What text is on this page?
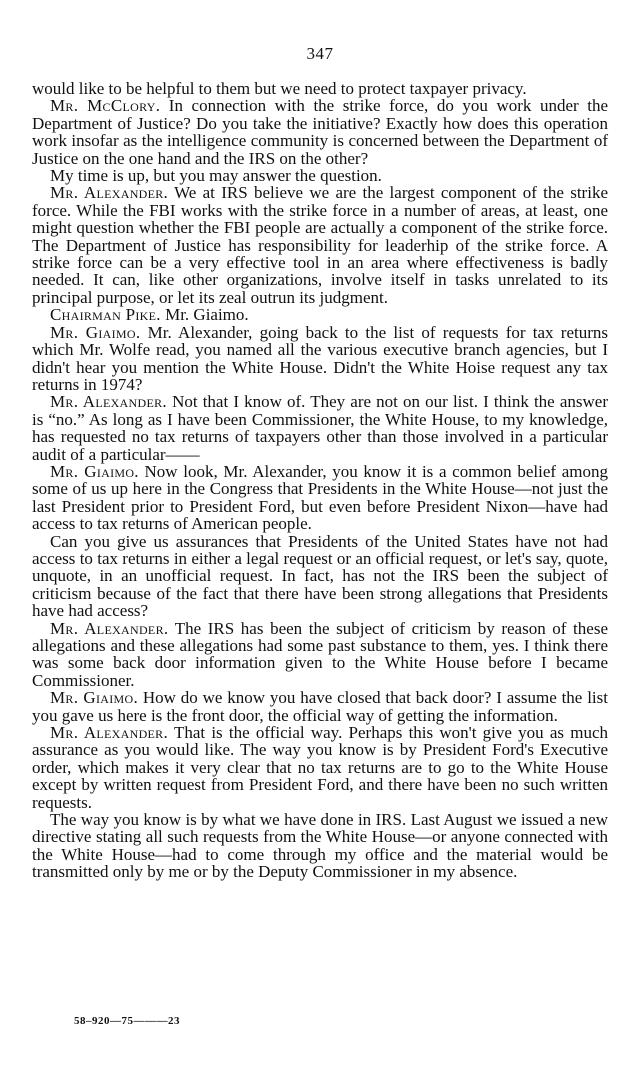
347

would like to be helpful to them but we need to protect taxpayer privacy.

Mr. McClory. In connection with the strike force, do you work under the Department of Justice? Do you take the initiative? Exactly how does this operation work insofar as the intelligence community is concerned between the Department of Justice on the one hand and the IRS on the other?

My time is up, but you may answer the question.

Mr. Alexander. We at IRS believe we are the largest component of the strike force. While the FBI works with the strike force in a number of areas, at least, one might question whether the FBI people are actually a component of the strike force. The Department of Justice has responsibility for leaderhip of the strike force. A strike force can be a very effective tool in an area where effectiveness is badly needed. It can, like other organizations, involve itself in tasks unrelated to its principal purpose, or let its zeal outrun its judgment.

Chairman Pike. Mr. Giaimo.

Mr. Giaimo. Mr. Alexander, going back to the list of requests for tax returns which Mr. Wolfe read, you named all the various executive branch agencies, but I didn't hear you mention the White House. Didn't the White Hoise request any tax returns in 1974?

Mr. Alexander. Not that I know of. They are not on our list. I think the answer is “no.” As long as I have been Commissioner, the White House, to my knowledge, has requested no tax returns of taxpayers other than those involved in a particular audit of a particular——

Mr. Giaimo. Now look, Mr. Alexander, you know it is a common belief among some of us up here in the Congress that Presidents in the White House—not just the last President prior to President Ford, but even before President Nixon—have had access to tax returns of American people.

Can you give us assurances that Presidents of the United States have not had access to tax returns in either a legal request or an official request, or let's say, quote, unquote, in an unofficial request. In fact, has not the IRS been the subject of criticism because of the fact that there have been strong allegations that Presidents have had access?

Mr. Alexander. The IRS has been the subject of criticism by reason of these allegations and these allegations had some past substance to them, yes. I think there was some back door information given to the White House before I became Commissioner.

Mr. Giaimo. How do we know you have closed that back door? I assume the list you gave us here is the front door, the official way of getting the information.

Mr. Alexander. That is the official way. Perhaps this won't give you as much assurance as you would like. The way you know is by President Ford's Executive order, which makes it very clear that no tax returns are to go to the White House except by written request from President Ford, and there have been no such written requests.

The way you know is by what we have done in IRS. Last August we issued a new directive stating all such requests from the White House—or anyone connected with the White House—had to come through my office and the material would be transmitted only by me or by the Deputy Commissioner in my absence.

58–920—75———23
